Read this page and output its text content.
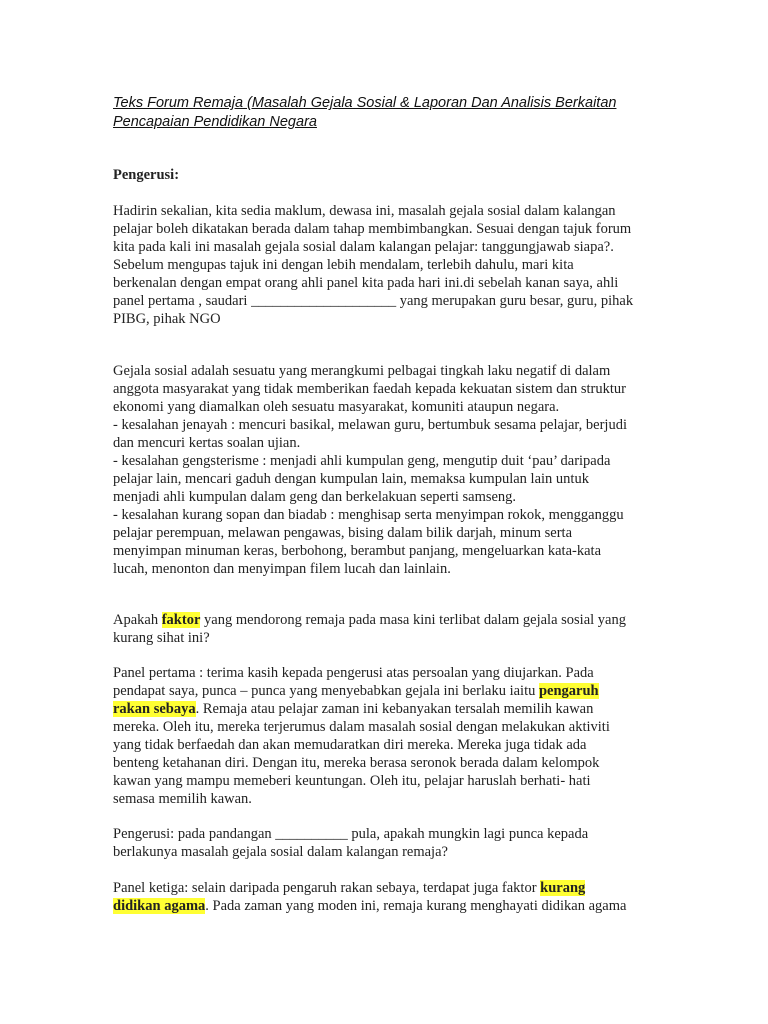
Teks Forum Remaja (Masalah Gejala Sosial & Laporan Dan Analisis Berkaitan
Pencapaian Pendidikan Negara
Pengerusi:
Hadirin sekalian, kita sedia maklum, dewasa ini, masalah gejala sosial dalam kalangan
pelajar boleh dikatakan berada dalam tahap membimbangkan. Sesuai dengan tajuk forum
kita pada kali ini masalah gejala sosial dalam kalangan pelajar: tanggungjawab siapa?.
Sebelum mengupas tajuk ini dengan lebih mendalam, terlebih dahulu, mari kita
berkenalan dengan empat orang ahli panel kita pada hari ini.di sebelah kanan saya, ahli
panel pertama , saudari ____________________ yang merupakan guru besar, guru, pihak
PIBG, pihak NGO
Gejala sosial adalah sesuatu yang merangkumi pelbagai tingkah laku negatif di dalam
anggota masyarakat yang tidak memberikan faedah kepada kekuatan sistem dan struktur
ekonomi yang diamalkan oleh sesuatu masyarakat, komuniti ataupun negara.
- kesalahan jenayah : mencuri basikal, melawan guru, bertumbuk sesama pelajar, berjudi
dan mencuri kertas soalan ujian.
- kesalahan gengsterisme : menjadi ahli kumpulan geng, mengutip duit ‘pau’ daripada
pelajar lain, mencari gaduh dengan kumpulan lain, memaksa kumpulan lain untuk
menjadi ahli kumpulan dalam geng dan berkelakuan seperti samseng.
- kesalahan kurang sopan dan biadab : menghisap serta menyimpan rokok, mengganggu
pelajar perempuan, melawan pengawas, bising dalam bilik darjah, minum serta
menyimpan minuman keras, berbohong, berambut panjang, mengeluarkan kata-kata
lucah, menonton dan menyimpan filem lucah dan lainlain.
Apakah faktor yang mendorong remaja pada masa kini terlibat dalam gejala sosial yang
kurang sihat ini?
Panel pertama : terima kasih kepada pengerusi atas persoalan yang diujarkan. Pada
pendapat saya, punca – punca yang menyebabkan gejala ini berlaku iaitu pengaruh
rakan sebaya. Remaja atau pelajar zaman ini kebanyakan tersalah memilih kawan
mereka. Oleh itu, mereka terjerumus dalam masalah sosial dengan melakukan aktiviti
yang tidak berfaedah dan akan memudaratkan diri mereka. Mereka juga tidak ada
benteng ketahanan diri. Dengan itu, mereka berasa seronok berada dalam kelompok
kawan yang mampu memeberi keuntungan. Oleh itu, pelajar haruslah berhati- hati
semasa memilih kawan.
Pengerusi: pada pandangan __________ pula, apakah mungkin lagi punca kepada
berlakunya masalah gejala sosial dalam kalangan remaja?
Panel ketiga: selain daripada pengaruh rakan sebaya, terdapat juga faktor kurang
didikan agama. Pada zaman yang moden ini, remaja kurang menghayati didikan agama
